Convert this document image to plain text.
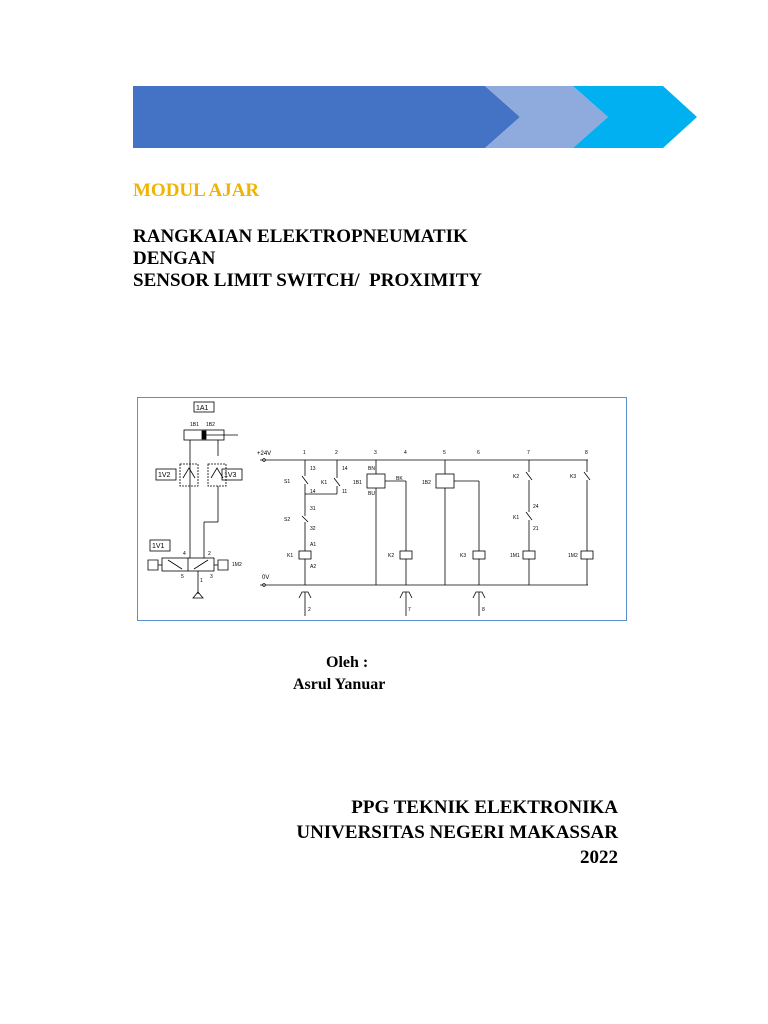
MODUL AJAR
RANGKAIAN ELEKTROPNEUMATIK
DENGAN
SENSOR LIMIT SWITCH/  PROXIMITY
1A1
1B1 1B2
1V2	1V3
1V1
4	2
5
1
3
1M2
+24V
0V
1	2	3	4	5	6	7	8
S1
S2
K1
13
14
31
32
A1
A2
2
K1
14
11
1B1
BN
BK
BU
K2
7
1B2
K3
8
K2
K1
24
21
1M1
K3
1M2
Oleh :
Asrul Yanuar
PPG TEKNIK ELEKTRONIKA
UNIVERSITAS NEGERI MAKASSAR
2022
